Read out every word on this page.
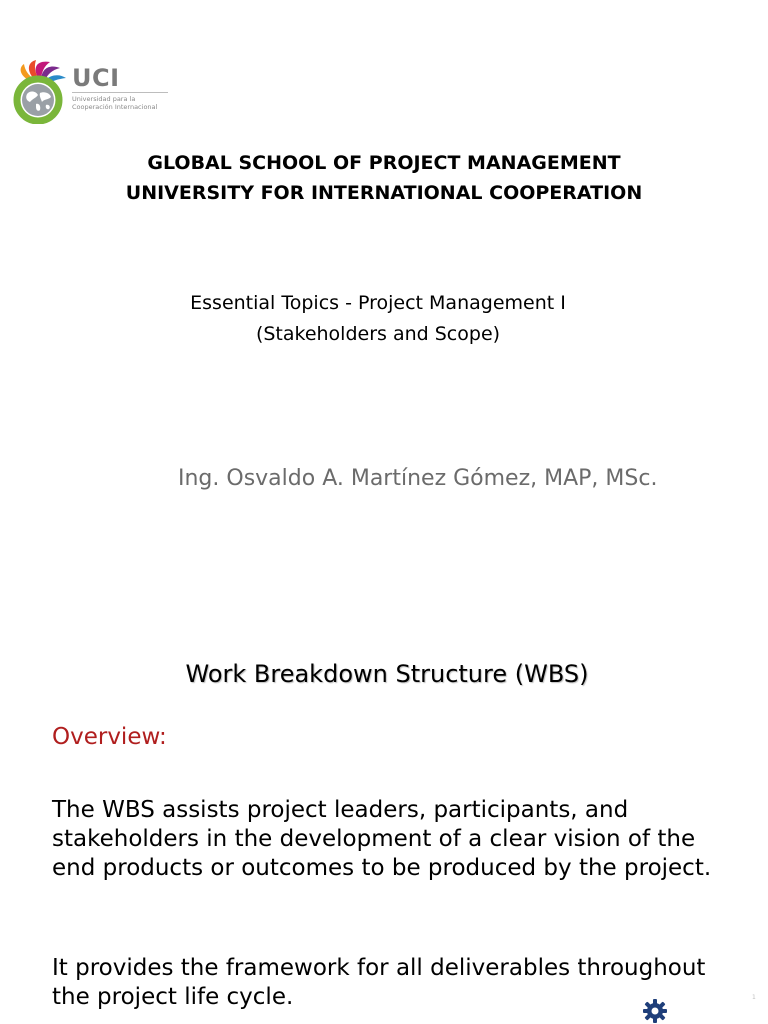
UCI
Universidad para la
Cooperación Internacional
GLOBAL SCHOOL OF PROJECT MANAGEMENT
UNIVERSITY FOR INTERNATIONAL COOPERATION
Essential Topics - Project Management I
(Stakeholders and Scope)
Ing. Osvaldo A. Martínez Gómez, MAP, MSc.
Work Breakdown Structure (WBS)
Overview:
The WBS assists project leaders, participants, and stakeholders in the development of a clear vision of the end products or outcomes to be produced by the project.
It provides the framework for all deliverables throughout the project life cycle.	1
